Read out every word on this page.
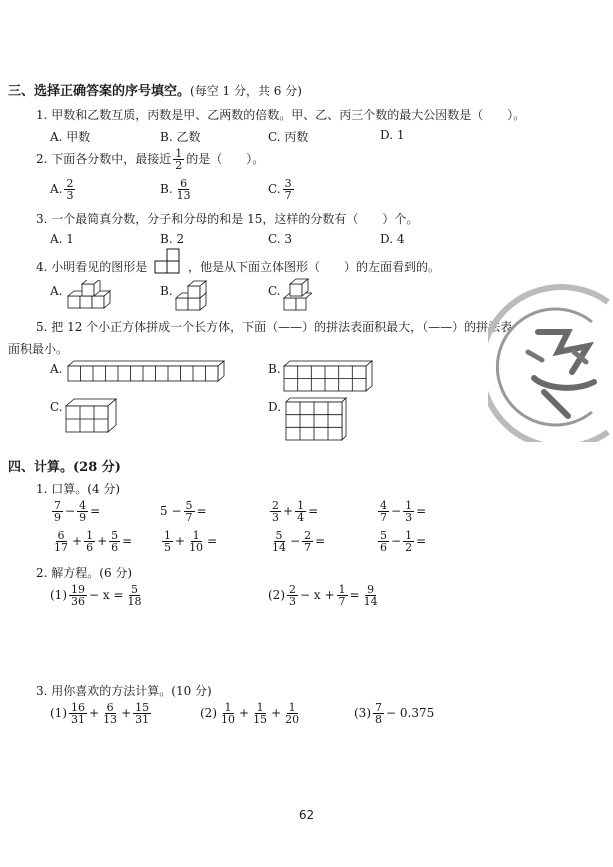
三、选择正确答案的序号填空。(每空 1 分，共 6 分)
1. 甲数和乙数互质，丙数是甲、乙两数的倍数。甲、乙、丙三个数的最大公因数是（　　）。
A. 甲数	B. 乙数	C. 丙数	D. 1
2. 下面各分数中，最接近 $\frac{1}{2}$ 的是（　　）。
A. $\frac{2}{3}$	B. $\frac{6}{13}$	C. $\frac{3}{7}$
3. 一个最简真分数，分子和分母的和是 15，这样的分数有（　　）个。
A. 1	B. 2	C. 3	D. 4
4. 小明看见的图形是	，他是从下面立体图形（　　）的左面看到的。
A.	B.	C.
5. 把 12 个小正方体拼成一个长方体，下面（——）的拼法表面积最大，（——）的拼法表
面积最小。
A.	B.
C.	D.
四、计算。(28 分)
1. 口算。(4 分)
$\frac{7}{9} - \frac{4}{9}$ =	$5 - \frac{5}{7}$ =	$\frac{2}{3} + \frac{1}{4}$ =	$\frac{4}{7} - \frac{1}{3}$ =
$\frac{6}{17} + \frac{1}{6} + \frac{5}{6}$ =	$\frac{1}{5} + \frac{1}{10}$ =	$\frac{5}{14} - \frac{2}{7}$ =	$\frac{5}{6} - \frac{1}{2}$ =
2. 解方程。(6 分)
$(1) \frac{19}{36} - x = \frac{5}{18}$	$(2) \frac{2}{3} - x + \frac{1}{7} = \frac{9}{14}$
3. 用你喜欢的方法计算。(10 分)
$(1) \frac{16}{31} + \frac{6}{13} + \frac{15}{31}$	$(2) \frac{1}{10} + \frac{1}{15} + \frac{1}{20}$	$(3) \frac{7}{8} - 0.375$
62
